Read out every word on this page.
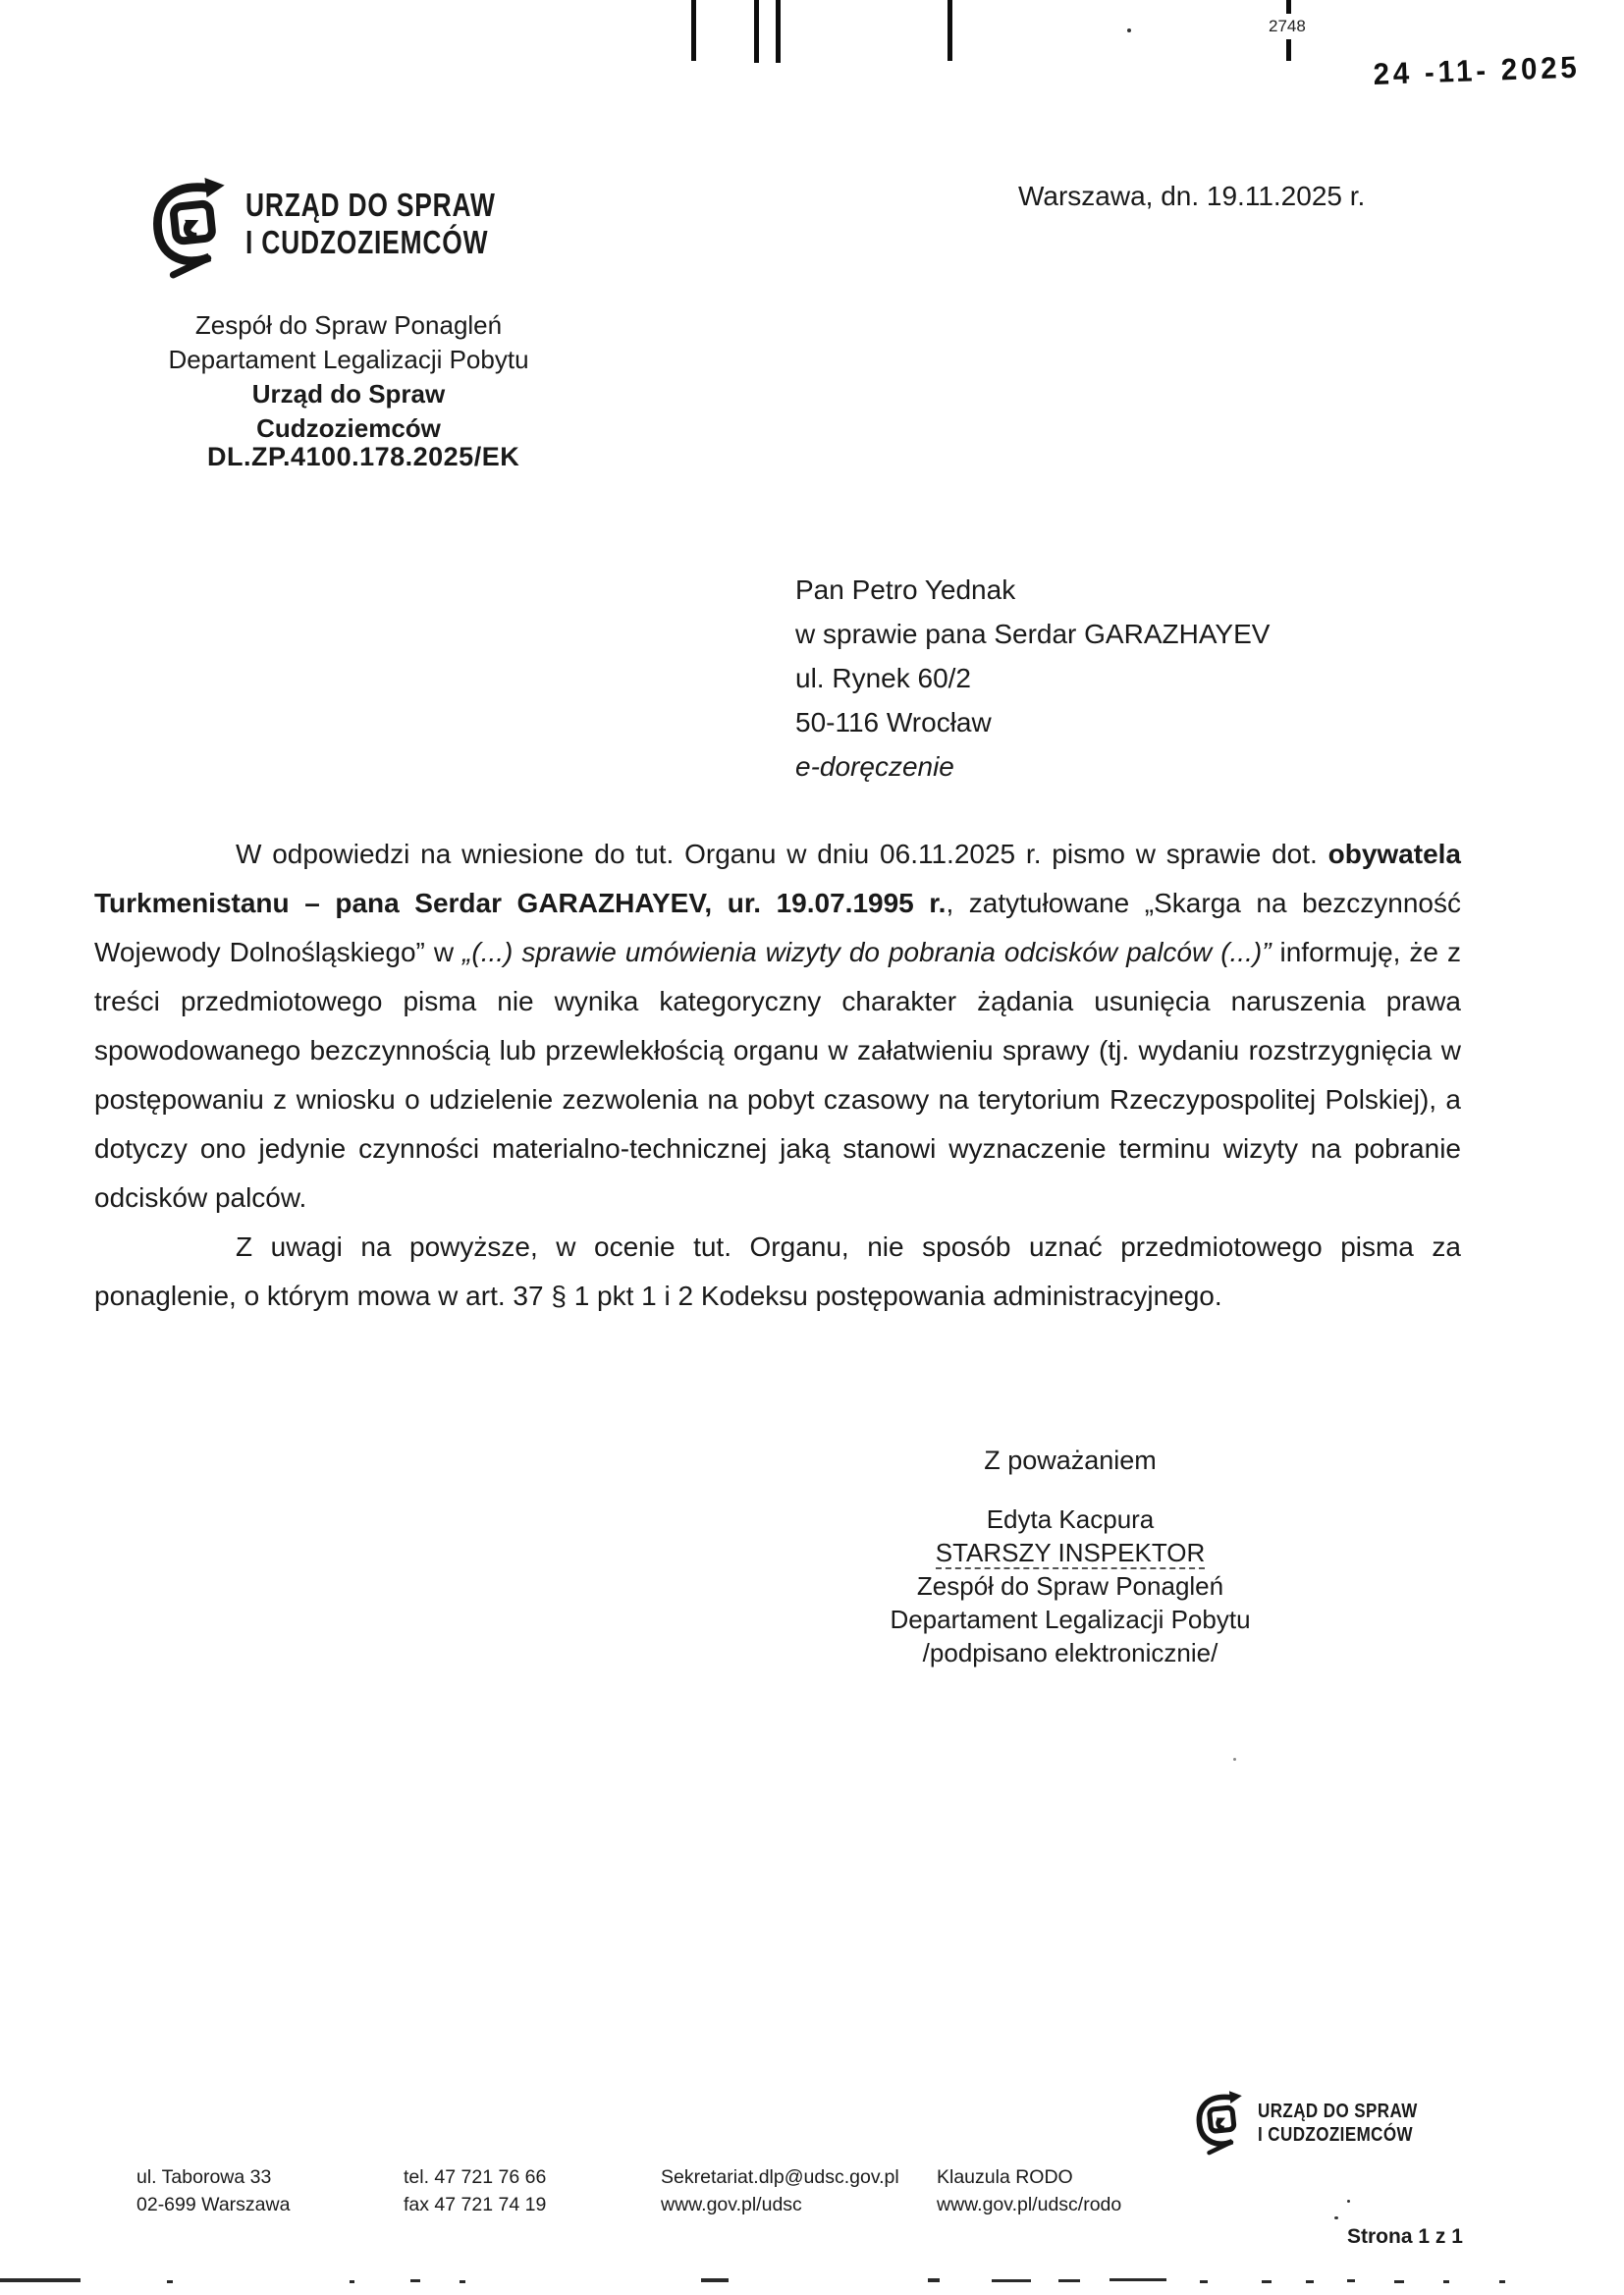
2748
24 -11- 2025
Warszawa, dn. 19.11.2025 r.
URZĄD DO SPRAW
I CUDZOZIEMCÓW
Zespół do Spraw Ponagleń
Departament Legalizacji Pobytu
Urząd do Spraw Cudzoziemców
DL.ZP.4100.178.2025/EK
Pan Petro Yednak
w sprawie pana Serdar GARAZHAYEV
ul. Rynek 60/2
50-116 Wrocław
e-doręczenie

W odpowiedzi na wniesione do tut. Organu w dniu 06.11.2025 r. pismo w sprawie dot. obywatela Turkmenistanu – pana Serdar GARAZHAYEV, ur. 19.07.1995 r., zatytułowane „Skarga na bezczynność Wojewody Dolnośląskiego” w „(...) sprawie umówienia wizyty do pobrania odcisków palców (...)” informuję, że z treści przedmiotowego pisma nie wynika kategoryczny charakter żądania usunięcia naruszenia prawa spowodowanego bezczynnością lub przewlekłością organu w załatwieniu sprawy (tj. wydaniu rozstrzygnięcia w postępowaniu z wniosku o udzielenie zezwolenia na pobyt czasowy na terytorium Rzeczypospolitej Polskiej), a dotyczy ono jedynie czynności materialno-technicznej jaką stanowi wyznaczenie terminu wizyty na pobranie odcisków palców.

Z uwagi na powyższe, w ocenie tut. Organu, nie sposób uznać przedmiotowego pisma za ponaglenie, o którym mowa w art. 37 § 1 pkt 1 i 2 Kodeksu postępowania administracyjnego.

Z poważaniem
Edyta Kacpura
STARSZY INSPEKTOR
Zespół do Spraw Ponagleń
Departament Legalizacji Pobytu
/podpisano elektronicznie/
URZĄD DO SPRAW
I CUDZOZIEMCÓW
ul. Taborowa 33
02-699 Warszawa
tel. 47 721 76 66
fax 47 721 74 19
Sekretariat.dlp@udsc.gov.pl
www.gov.pl/udsc
Klauzula RODO
www.gov.pl/udsc/rodo
Strona 1 z 1
